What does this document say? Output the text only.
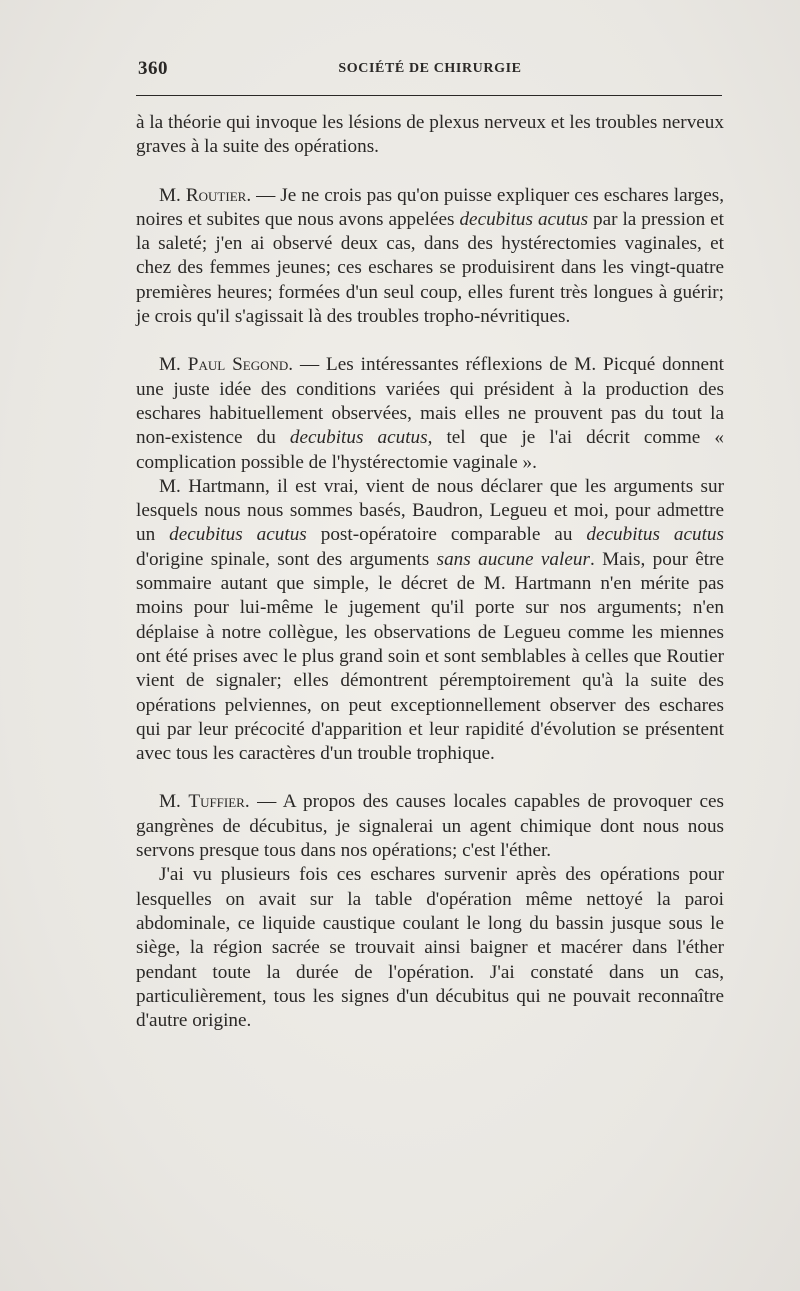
360	SOCIÉTÉ DE CHIRURGIE

à la théorie qui invoque les lésions de plexus nerveux et les troubles nerveux graves à la suite des opérations.

M. Routier. — Je ne crois pas qu'on puisse expliquer ces eschares larges, noires et subites que nous avons appelées decubitus acutus par la pression et la saleté; j'en ai observé deux cas, dans des hystérectomies vaginales, et chez des femmes jeunes; ces eschares se produisirent dans les vingt-quatre premières heures; formées d'un seul coup, elles furent très longues à guérir; je crois qu'il s'agissait là des troubles tropho-névritiques.

M. Paul Segond. — Les intéressantes réflexions de M. Picqué donnent une juste idée des conditions variées qui président à la production des eschares habituellement observées, mais elles ne prouvent pas du tout la non-existence du decubitus acutus, tel que je l'ai décrit comme « complication possible de l'hystérectomie vaginale ».

M. Hartmann, il est vrai, vient de nous déclarer que les arguments sur lesquels nous nous sommes basés, Baudron, Legueu et moi, pour admettre un decubitus acutus post-opératoire comparable au decubitus acutus d'origine spinale, sont des arguments sans aucune valeur. Mais, pour être sommaire autant que simple, le décret de M. Hartmann n'en mérite pas moins pour lui-même le jugement qu'il porte sur nos arguments; n'en déplaise à notre collègue, les observations de Legueu comme les miennes ont été prises avec le plus grand soin et sont semblables à celles que Routier vient de signaler; elles démontrent péremptoirement qu'à la suite des opérations pelviennes, on peut exceptionnellement observer des eschares qui par leur précocité d'apparition et leur rapidité d'évolution se présentent avec tous les caractères d'un trouble trophique.

M. Tuffier. — A propos des causes locales capables de provoquer ces gangrènes de décubitus, je signalerai un agent chimique dont nous nous servons presque tous dans nos opérations; c'est l'éther.

J'ai vu plusieurs fois ces eschares survenir après des opérations pour lesquelles on avait sur la table d'opération même nettoyé la paroi abdominale, ce liquide caustique coulant le long du bassin jusque sous le siège, la région sacrée se trouvait ainsi baigner et macérer dans l'éther pendant toute la durée de l'opération. J'ai constaté dans un cas, particulièrement, tous les signes d'un décubitus qui ne pouvait reconnaître d'autre origine.
